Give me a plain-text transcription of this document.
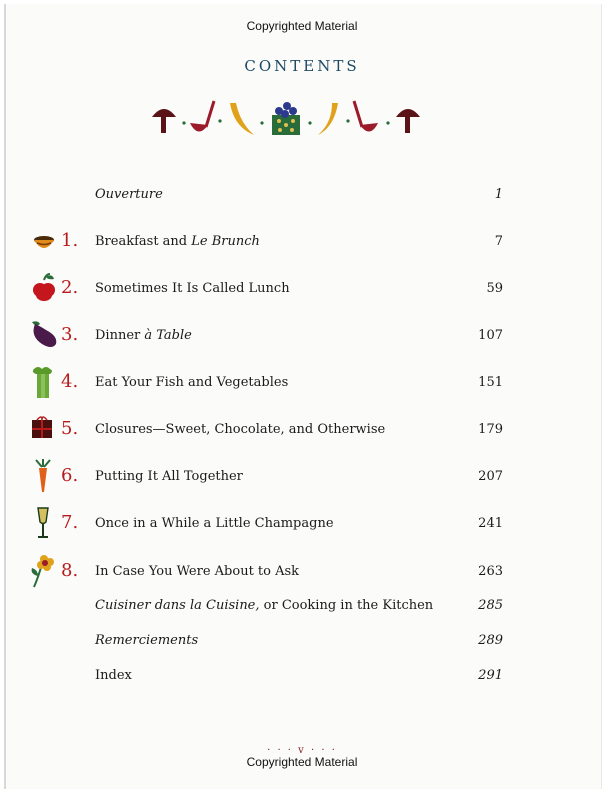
Copyrighted Material
CONTENTS
Ouverture	1
1. Breakfast and Le Brunch	7
2. Sometimes It Is Called Lunch	59
3. Dinner à Table	107
4. Eat Your Fish and Vegetables	151
5. Closures—Sweet, Chocolate, and Otherwise	179
6. Putting It All Together	207
7. Once in a While a Little Champagne	241
8. In Case You Were About to Ask	263
Cuisiner dans la Cuisine, or Cooking in the Kitchen	285
Remerciements	289
Index	291
· · · v · · ·
Copyrighted Material
